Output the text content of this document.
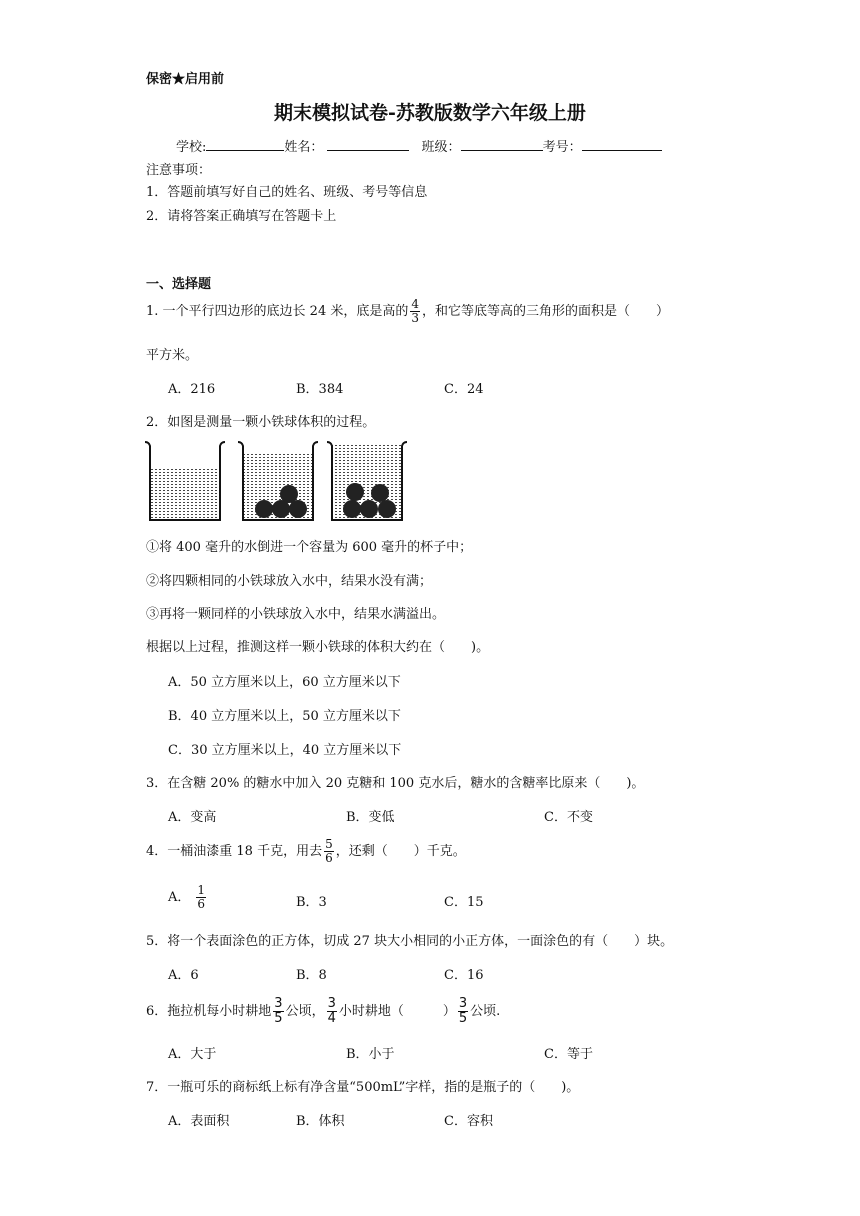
保密★启用前
期末模拟试卷-苏教版数学六年级上册
学校:	姓名：	班级：	考号：
注意事项：
1．答题前填写好自己的姓名、班级、考号等信息
2．请将答案正确填写在答题卡上
一、选择题
1. 一个平行四边形的底边长 24 米，底是高的 $\frac{4}{3}$ ，和它等底等高的三角形的面积是（　　）
平方米。
A．216	B．384	C．24
2．如图是测量一颗小铁球体积的过程。
①将 400 毫升的水倒进一个容量为 600 毫升的杯子中；
②将四颗相同的小铁球放入水中，结果水没有满；
③再将一颗同样的小铁球放入水中，结果水满溢出。
根据以上过程，推测这样一颗小铁球的体积大约在（　　)。
A．50 立方厘米以上，60 立方厘米以下
B．40 立方厘米以上，50 立方厘米以下
C．30 立方厘米以上，40 立方厘米以下
3．在含糖 20% 的糖水中加入 20 克糖和 100 克水后，糖水的含糖率比原来（　　)。
A．变高	B．变低	C．不变
4．一桶油漆重 18 千克，用去 $\frac{5}{6}$ ，还剩（　　）千克。
A． $\frac{1}{6}$	B．3	C．15
5．将一个表面涂色的正方体，切成 27 块大小相同的小正方体，一面涂色的有（　　）块。
A．6	B．8	C．16
6．拖拉机每小时耕地 $\frac{3}{5}$ 公顷， $\frac{3}{4}$ 小时耕地（　　　） $\frac{3}{5}$ 公顷.
A．大于	B．小于	C．等于
7．一瓶可乐的商标纸上标有净含量“500mL”字样，指的是瓶子的（　　)。
A．表面积	B．体积	C．容积
